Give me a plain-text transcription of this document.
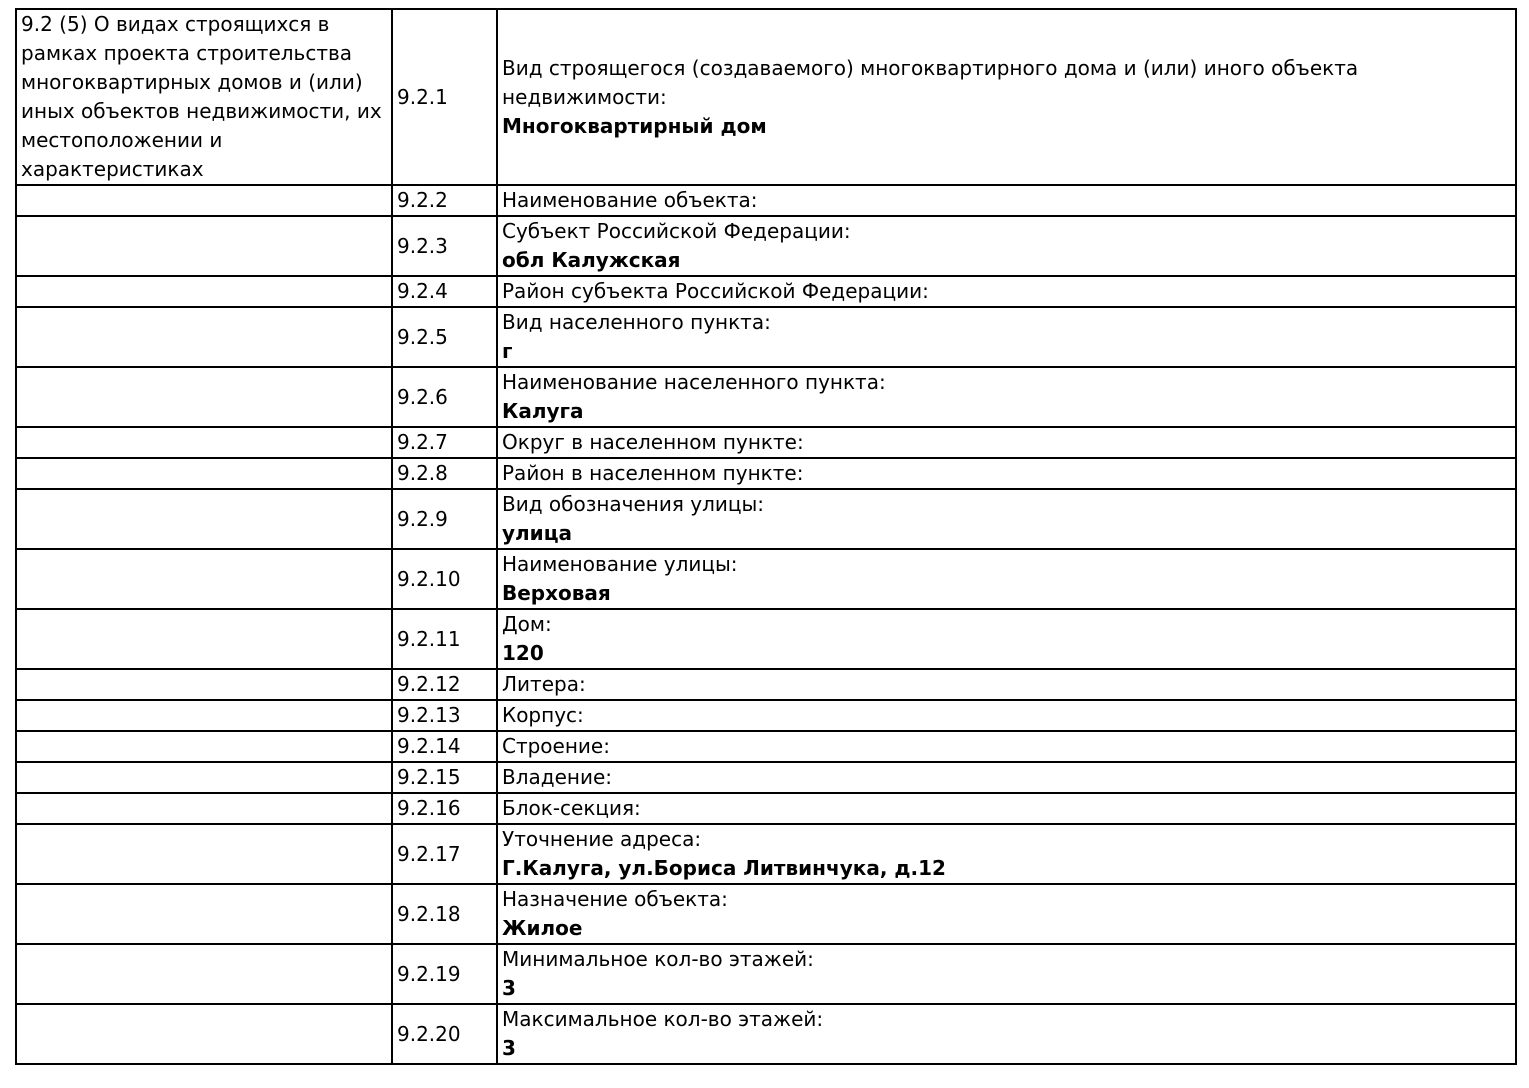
9.2 (5) О видах строящихся в рамках проекта строительства многоквартирных домов и (или) иных объектов недвижимости, их местоположении и характеристиках	9.2.1	Вид строящегося (создаваемого) многоквартирного дома и (или) иного объекта недвижимости:
Многоквартирный дом

	9.2.2	Наименование объекта:

	9.2.3	Субъект Российской Федерации:
обл Калужская

	9.2.4	Район субъекта Российской Федерации:

	9.2.5	Вид населенного пункта:
г

	9.2.6	Наименование населенного пункта:
Калуга

	9.2.7	Округ в населенном пункте:

	9.2.8	Район в населенном пункте:

	9.2.9	Вид обозначения улицы:
улица

	9.2.10	Наименование улицы:
Верховая

	9.2.11	Дом:
120

	9.2.12	Литера:

	9.2.13	Корпус:

	9.2.14	Строение:

	9.2.15	Владение:

	9.2.16	Блок-секция:

	9.2.17	Уточнение адреса:
Г.Калуга, ул.Бориса Литвинчука, д.12

	9.2.18	Назначение объекта:
Жилое

	9.2.19	Минимальное кол-во этажей:
3

	9.2.20	Максимальное кол-во этажей:
3
